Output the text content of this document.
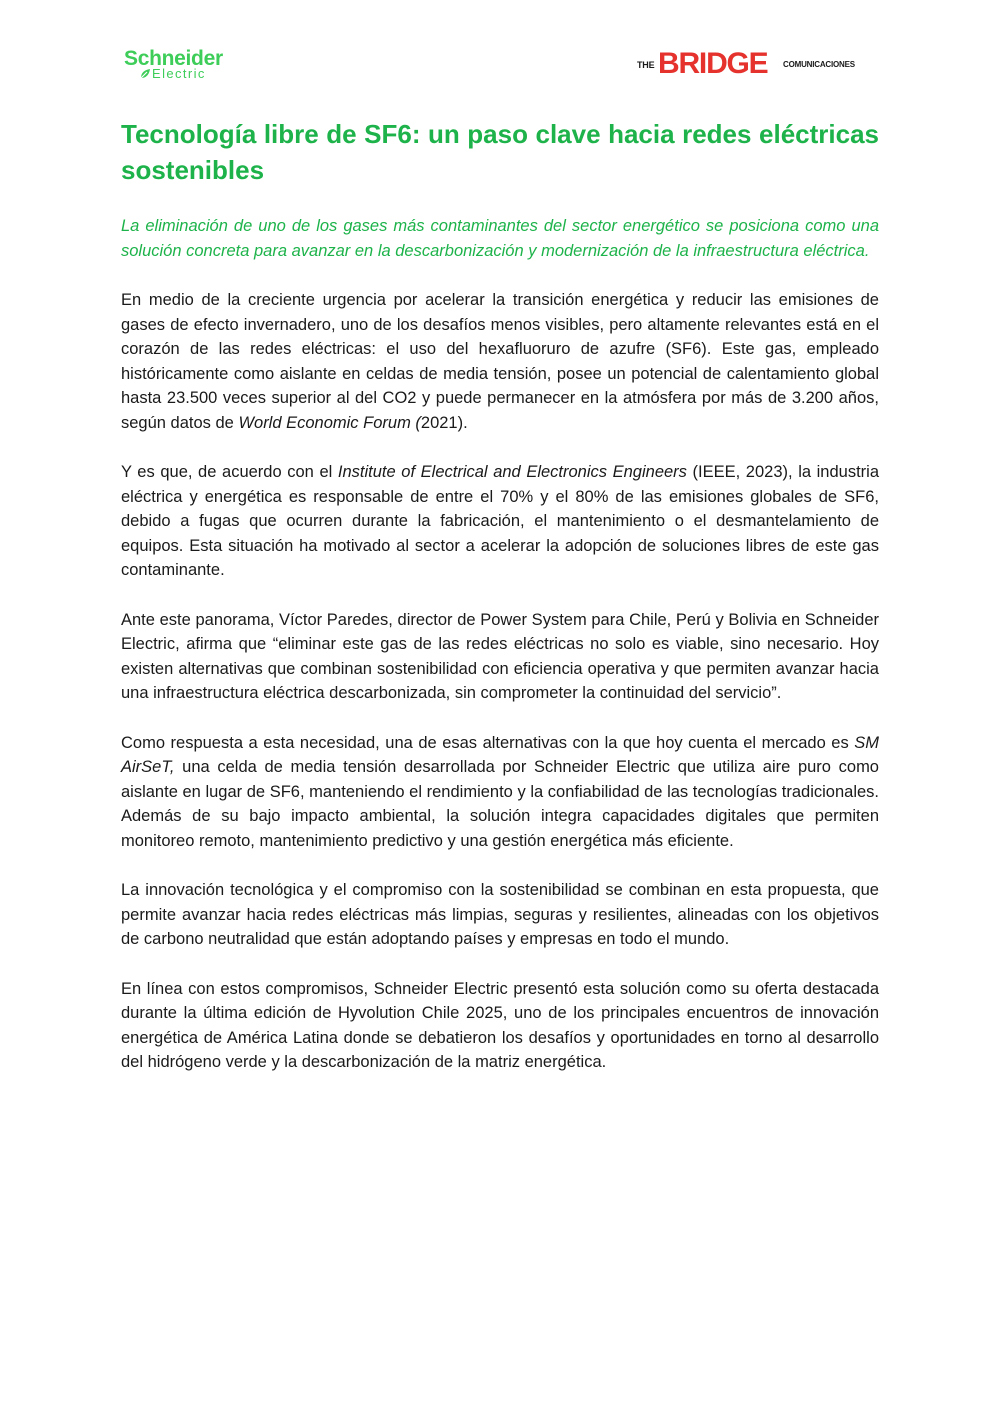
Schneider
Electric
THE BRIDGE COMUNICACIONES
Tecnología libre de SF6: un paso clave hacia redes eléctricas sostenibles

La eliminación de uno de los gases más contaminantes del sector energético se posiciona como una solución concreta para avanzar en la descarbonización y modernización de la infraestructura eléctrica.

En medio de la creciente urgencia por acelerar la transición energética y reducir las emisiones de gases de efecto invernadero, uno de los desafíos menos visibles, pero altamente relevantes está en el corazón de las redes eléctricas: el uso del hexafluoruro de azufre (SF6). Este gas, empleado históricamente como aislante en celdas de media tensión, posee un potencial de calentamiento global hasta 23.500 veces superior al del CO2 y puede permanecer en la atmósfera por más de 3.200 años, según datos de World Economic Forum (2021).

Y es que, de acuerdo con el Institute of Electrical and Electronics Engineers (IEEE, 2023), la industria eléctrica y energética es responsable de entre el 70% y el 80% de las emisiones globales de SF6, debido a fugas que ocurren durante la fabricación, el mantenimiento o el desmantelamiento de equipos. Esta situación ha motivado al sector a acelerar la adopción de soluciones libres de este gas contaminante.

Ante este panorama, Víctor Paredes, director de Power System para Chile, Perú y Bolivia en Schneider Electric, afirma que “eliminar este gas de las redes eléctricas no solo es viable, sino necesario. Hoy existen alternativas que combinan sostenibilidad con eficiencia operativa y que permiten avanzar hacia una infraestructura eléctrica descarbonizada, sin comprometer la continuidad del servicio”.

Como respuesta a esta necesidad, una de esas alternativas con la que hoy cuenta el mercado es SM AirSeT, una celda de media tensión desarrollada por Schneider Electric que utiliza aire puro como aislante en lugar de SF6, manteniendo el rendimiento y la confiabilidad de las tecnologías tradicionales. Además de su bajo impacto ambiental, la solución integra capacidades digitales que permiten monitoreo remoto, mantenimiento predictivo y una gestión energética más eficiente.

La innovación tecnológica y el compromiso con la sostenibilidad se combinan en esta propuesta, que permite avanzar hacia redes eléctricas más limpias, seguras y resilientes, alineadas con los objetivos de carbono neutralidad que están adoptando países y empresas en todo el mundo.

En línea con estos compromisos, Schneider Electric presentó esta solución como su oferta destacada durante la última edición de Hyvolution Chile 2025, uno de los principales encuentros de innovación energética de América Latina donde se debatieron los desafíos y oportunidades en torno al desarrollo del hidrógeno verde y la descarbonización de la matriz energética.
